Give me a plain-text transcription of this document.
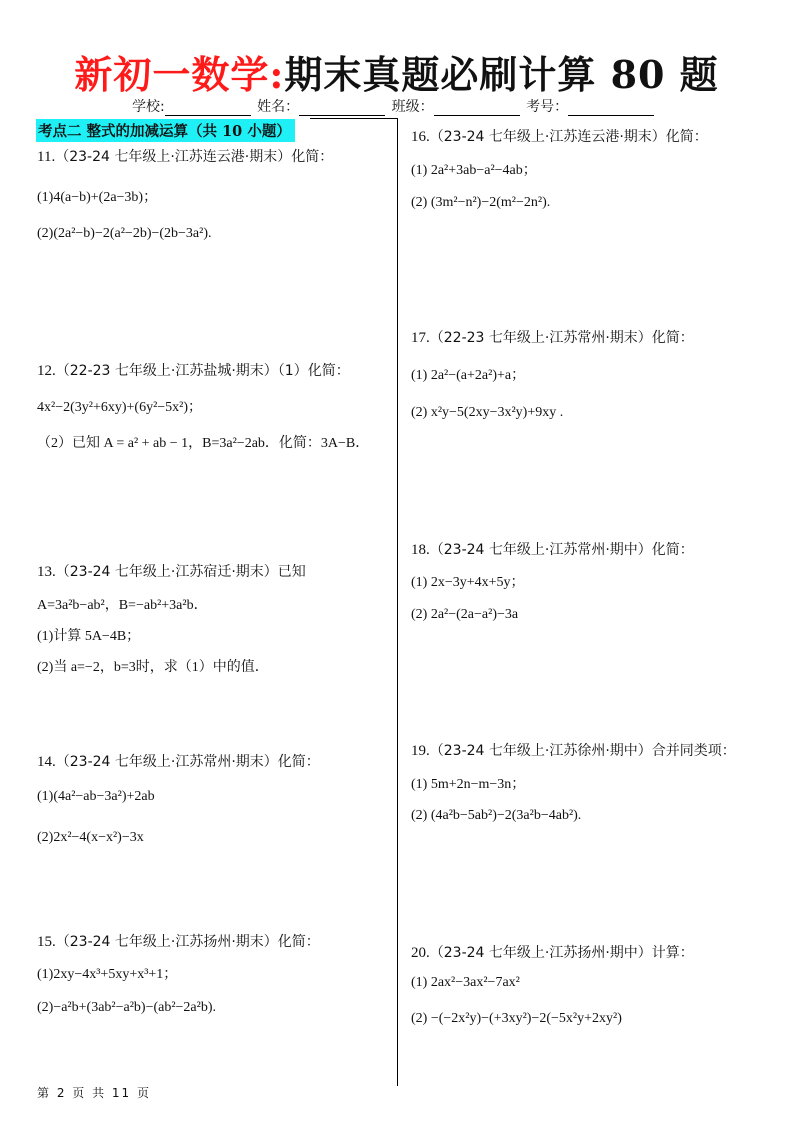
新初一数学:期末真题必刷计算 80 题
学校:	姓名：	班级：	考号：
考点二 整式的加减运算（共 10 小题）
11.（23-24 七年级上·江苏连云港·期末）化简：
(1)4(a−b)+(2a−3b)；
(2)(2a²−b)−2(a²−2b)−(2b−3a²).
12.（22-23 七年级上·江苏盐城·期末）（1）化简：
4x²−2(3y²+6xy)+(6y²−5x²)；
（2）已知 A = a² + ab − 1，B=3a²−2ab．化简：3A−B．
13.（23-24 七年级上·江苏宿迁·期末）已知
A=3a²b−ab²，B=−ab²+3a²b．
(1)计算 5A−4B；
(2)当 a=−2，b=3时，求（1）中的值．
14.（23-24 七年级上·江苏常州·期末）化简：
(1)(4a²−ab−3a²)+2ab
(2)2x²−4(x−x²)−3x
15.（23-24 七年级上·江苏扬州·期末）化简：
(1)2xy−4x³+5xy+x³+1；
(2)−a²b+(3ab²−a²b)−(ab²−2a²b).
16.（23-24 七年级上·江苏连云港·期末）化简：
(1) 2a²+3ab−a²−4ab；
(2) (3m²−n²)−2(m²−2n²).
17.（22-23 七年级上·江苏常州·期末）化简：
(1) 2a²−(a+2a²)+a；
(2) x²y−5(2xy−3x²y)+9xy .
18.（23-24 七年级上·江苏常州·期中）化简：
(1) 2x−3y+4x+5y；
(2) 2a²−(2a−a²)−3a
19.（23-24 七年级上·江苏徐州·期中）合并同类项：
(1) 5m+2n−m−3n；
(2) (4a²b−5ab²)−2(3a²b−4ab²).
20.（23-24 七年级上·江苏扬州·期中）计算：
(1) 2ax²−3ax²−7ax²
(2) −(−2x²y)−(+3xy²)−2(−5x²y+2xy²)
第 2 页 共 11 页
